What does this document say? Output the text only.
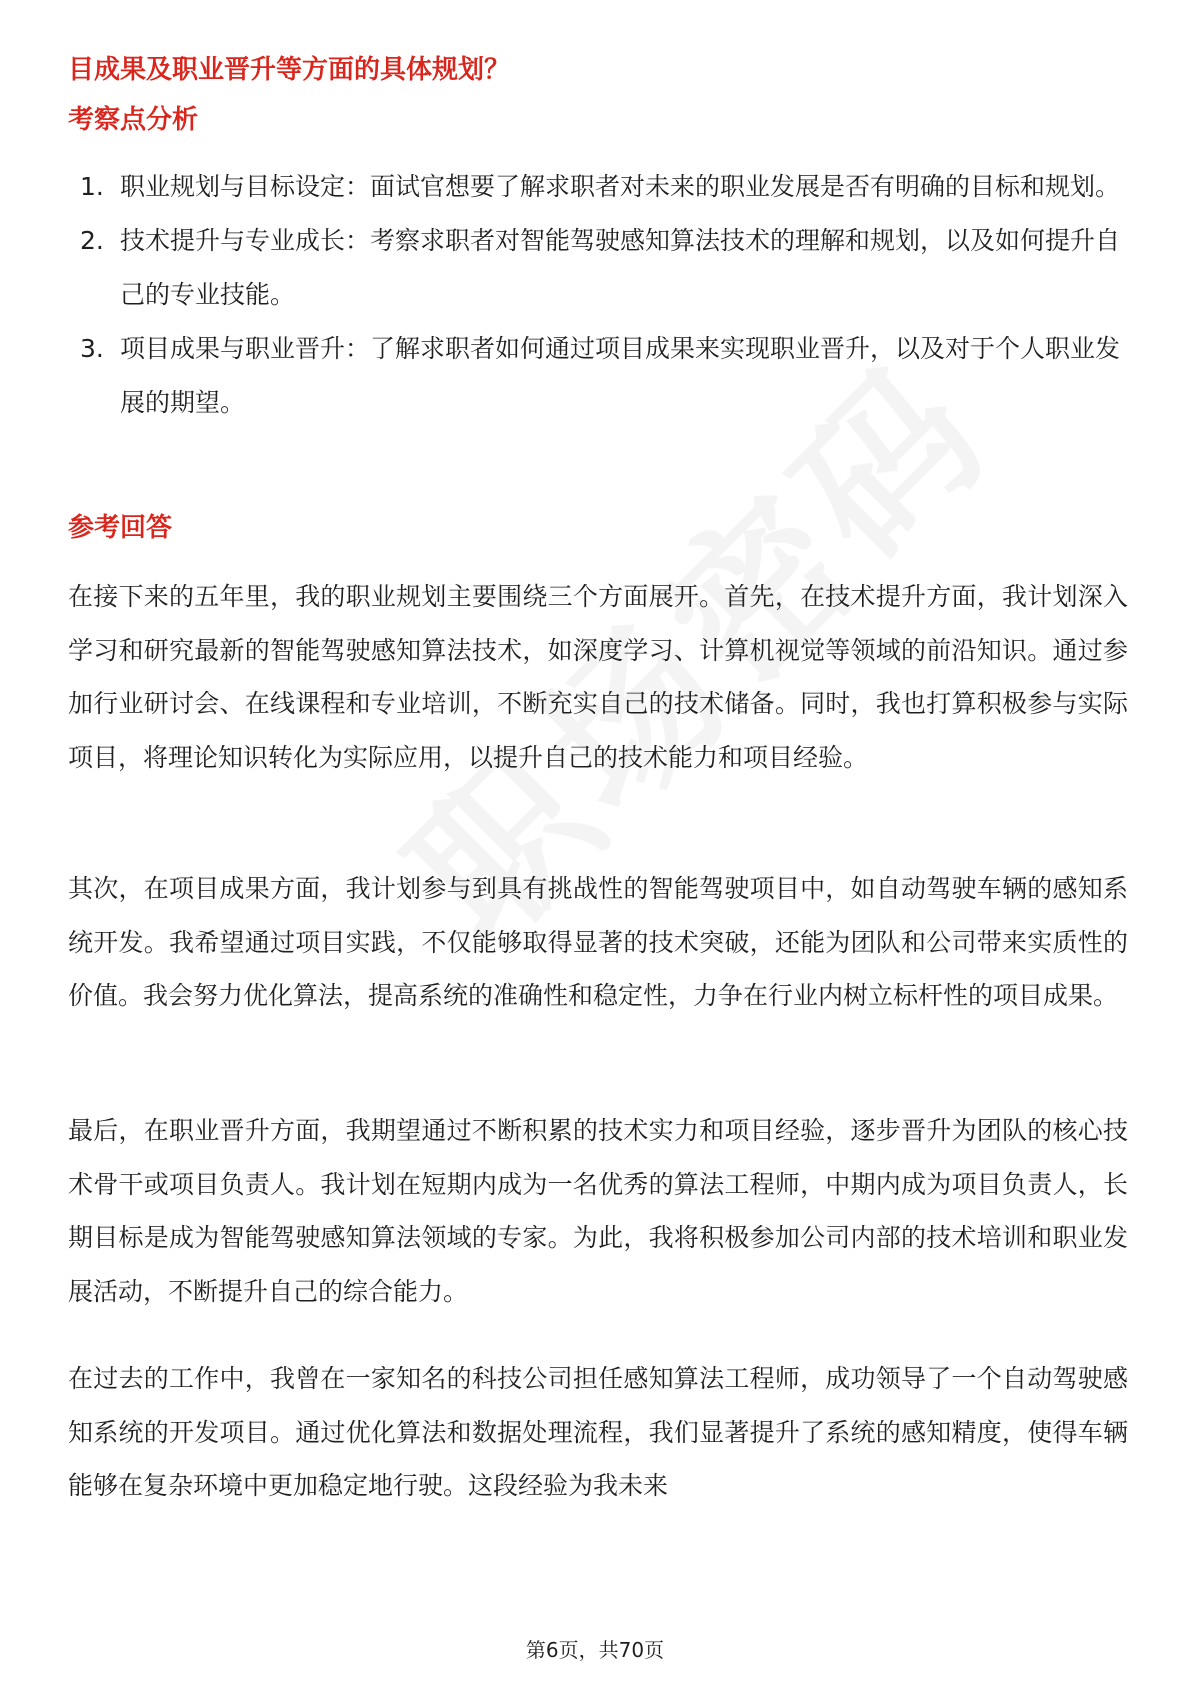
目成果及职业晋升等方面的具体规划？
考察点分析
1. 职业规划与目标设定：面试官想要了解求职者对未来的职业发展是否有明确的目标和规划。
2. 技术提升与专业成长：考察求职者对智能驾驶感知算法技术的理解和规划，以及如何提升自己的专业技能。
3. 项目成果与职业晋升：了解求职者如何通过项目成果来实现职业晋升，以及对于个人职业发展的期望。
参考回答

在接下来的五年里，我的职业规划主要围绕三个方面展开。首先，在技术提升方面，我计划深入学习和研究最新的智能驾驶感知算法技术，如深度学习、计算机视觉等领域的前沿知识。通过参加行业研讨会、在线课程和专业培训，不断充实自己的技术储备。同时，我也打算积极参与实际项目，将理论知识转化为实际应用，以提升自己的技术能力和项目经验。

其次，在项目成果方面，我计划参与到具有挑战性的智能驾驶项目中，如自动驾驶车辆的感知系统开发。我希望通过项目实践，不仅能够取得显著的技术突破，还能为团队和公司带来实质性的价值。我会努力优化算法，提高系统的准确性和稳定性，力争在行业内树立标杆性的项目成果。

最后，在职业晋升方面，我期望通过不断积累的技术实力和项目经验，逐步晋升为团队的核心技术骨干或项目负责人。我计划在短期内成为一名优秀的算法工程师，中期内成为项目负责人，长期目标是成为智能驾驶感知算法领域的专家。为此，我将积极参加公司内部的技术培训和职业发展活动，不断提升自己的综合能力。

在过去的工作中，我曾在一家知名的科技公司担任感知算法工程师，成功领导了一个自动驾驶感知系统的开发项目。通过优化算法和数据处理流程，我们显著提升了系统的感知精度，使得车辆能够在复杂环境中更加稳定地行驶。这段经验为我未来

第6页，共70页
